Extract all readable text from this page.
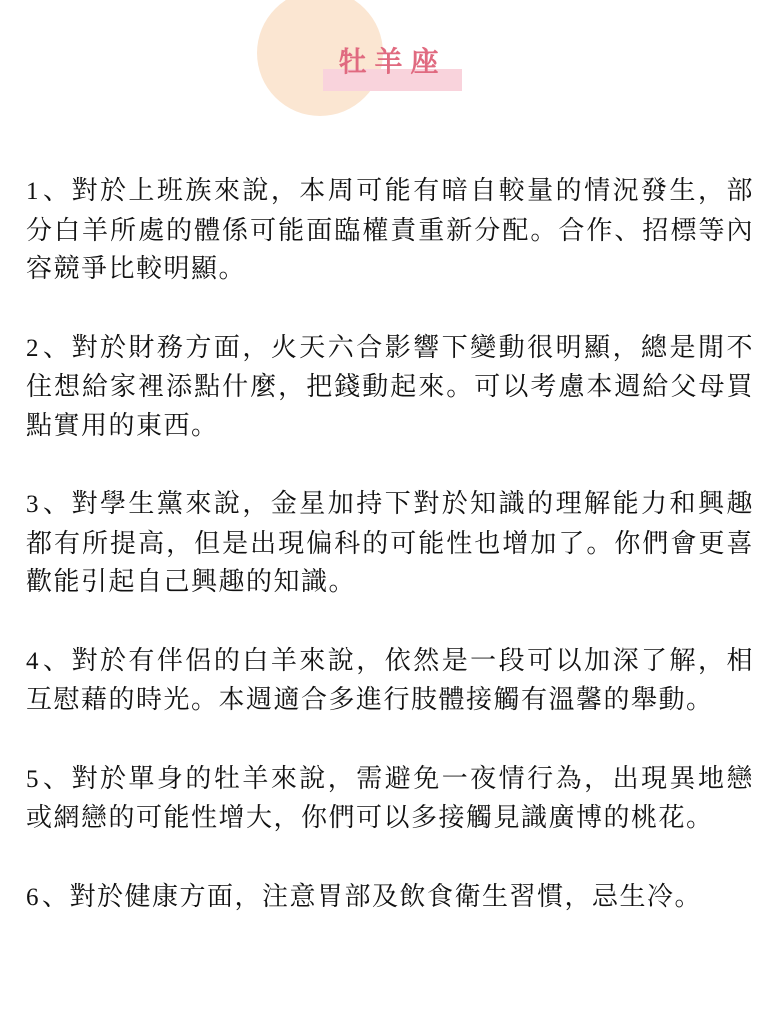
牡羊座

1、對於上班族來說，本周可能有暗自較量的情況發生，部分白羊所處的體係可能面臨權責重新分配。合作、招標等內容競爭比較明顯。

2、對於財務方面，火天六合影響下變動很明顯，總是閒不住想給家裡添點什麼，把錢動起來。可以考慮本週給父母買點實用的東西。

3、對學生黨來說，金星加持下對於知識的理解能力和興趣都有所提高，但是出現偏科的可能性也增加了。你們會更喜歡能引起自己興趣的知識。

4、對於有伴侶的白羊來說，依然是一段可以加深了解，相互慰藉的時光。本週適合多進行肢體接觸有溫馨的舉動。

5、對於單身的牡羊來說，需避免一夜情行為，出現異地戀或網戀的可能性增大，你們可以多接觸見識廣博的桃花。

6、對於健康方面，注意胃部及飲食衛生習慣，忌生冷。
